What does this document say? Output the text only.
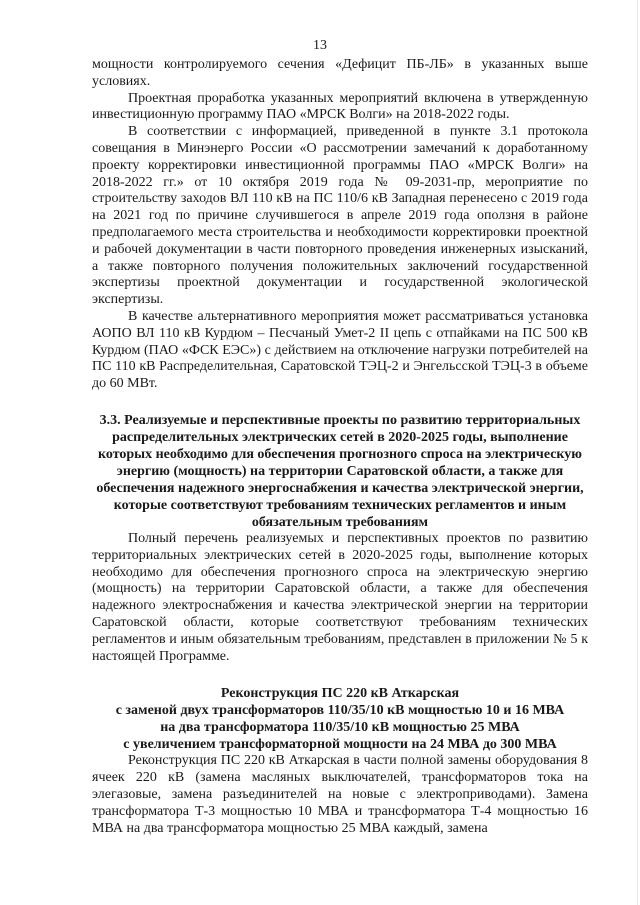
13

мощности контролируемого сечения «Дефицит ПБ-ЛБ» в указанных выше условиях.

Проектная проработка указанных мероприятий включена в утвержденную инвестиционную программу ПАО «МРСК Волги» на 2018-2022 годы.

В соответствии с информацией, приведенной в пункте 3.1 протокола совещания в Минэнерго России «О рассмотрении замечаний к доработанному проекту корректировки инвестиционной программы ПАО «МРСК Волги» на 2018-2022 гг.» от 10 октября 2019 года № 09-2031-пр, мероприятие по строительству заходов ВЛ 110 кВ на ПС 110/6 кВ Западная перенесено с 2019 года на 2021 год по причине случившегося в апреле 2019 года оползня в районе предполагаемого места строительства и необходимости корректировки проектной и рабочей документации в части повторного проведения инженерных изысканий, а также повторного получения положительных заключений государственной экспертизы проектной документации и государственной экологической экспертизы.

В качестве альтернативного мероприятия может рассматриваться установка АОПО ВЛ 110 кВ Курдюм – Песчаный Умет-2 II цепь с отпайками на ПС 500 кВ Курдюм (ПАО «ФСК ЕЭС») с действием на отключение нагрузки потребителей на ПС 110 кВ Распределительная, Саратовской ТЭЦ-2 и Энгельсской ТЭЦ-3 в объеме до 60 МВт.

3.3. Реализуемые и перспективные проекты по развитию территориальных распределительных электрических сетей в 2020-2025 годы, выполнение которых необходимо для обеспечения прогнозного спроса на электрическую энергию (мощность) на территории Саратовской области, а также для обеспечения надежного энергоснабжения и качества электрической энергии, которые соответствуют требованиям технических регламентов и иным обязательным требованиям

Полный перечень реализуемых и перспективных проектов по развитию территориальных электрических сетей в 2020-2025 годы, выполнение которых необходимо для обеспечения прогнозного спроса на электрическую энергию (мощность) на территории Саратовской области, а также для обеспечения надежного электроснабжения и качества электрической энергии на территории Саратовской области, которые соответствуют требованиям технических регламентов и иным обязательным требованиям, представлен в приложении № 5 к настоящей Программе.

Реконструкция ПС 220 кВ Аткарская

с заменой двух трансформаторов 110/35/10 кВ мощностью 10 и 16 МВА

на два трансформатора 110/35/10 кВ мощностью 25 МВА

с увеличением трансформаторной мощности на 24 МВА до 300 МВА

Реконструкция ПС 220 кВ Аткарская в части полной замены оборудования 8 ячеек 220 кВ (замена масляных выключателей, трансформаторов тока на элегазовые, замена разъединителей на новые с электроприводами). Замена трансформатора Т-3 мощностью 10 МВА и трансформатора Т-4 мощностью 16 МВА на два трансформатора мощностью 25 МВА каждый, замена
